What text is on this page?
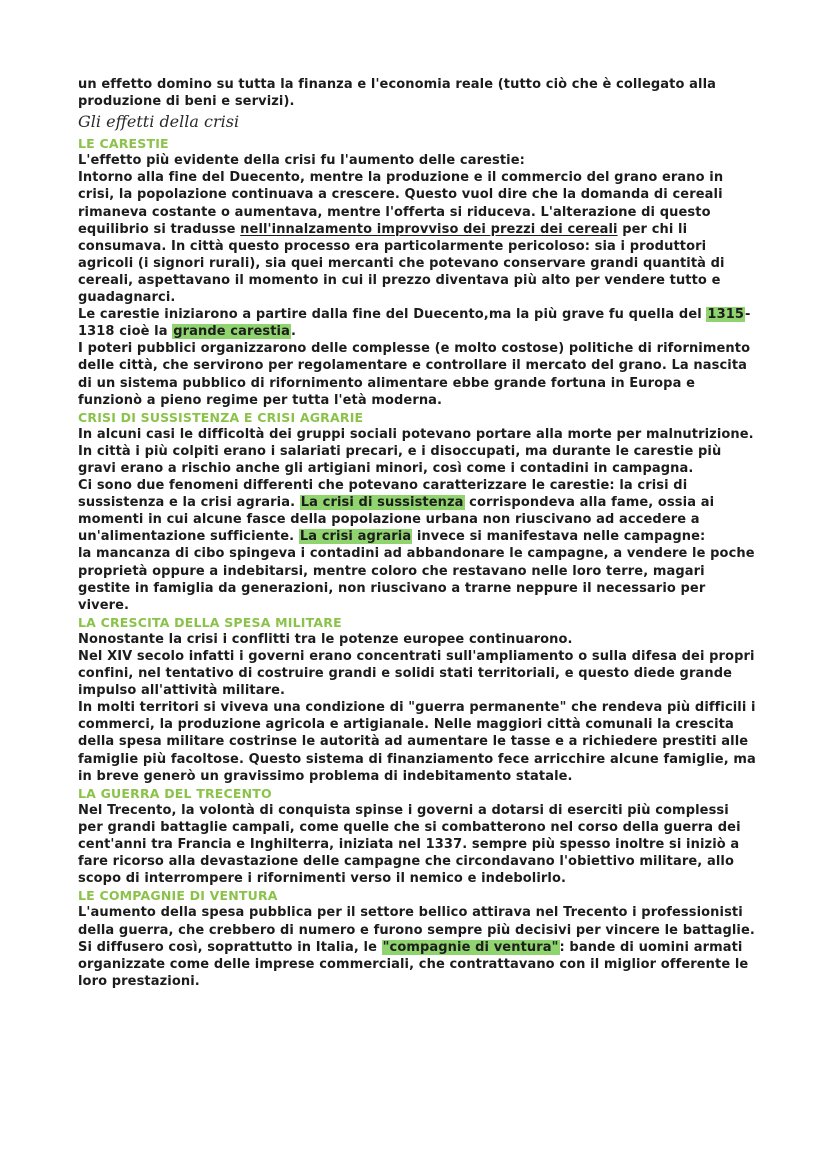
un effetto domino su tutta la finanza e l'economia reale (tutto ciò che è collegato alla produzione di beni e servizi).

Gli effetti della crisi
LE CARESTIE

L'effetto più evidente della crisi fu l'aumento delle carestie:

Intorno alla fine del Duecento, mentre la produzione e il commercio del grano erano in crisi, la popolazione continuava a crescere. Questo vuol dire che la domanda di cereali rimaneva costante o aumentava, mentre l'offerta si riduceva. L'alterazione di questo equilibrio si tradusse nell'innalzamento improvviso dei prezzi dei cereali per chi li consumava. In città questo processo era particolarmente pericoloso: sia i produttori agricoli (i signori rurali), sia quei mercanti che potevano conservare grandi quantità di cereali, aspettavano il momento in cui il prezzo diventava più alto per vendere tutto e guadagnarci.

Le carestie iniziarono a partire dalla fine del Duecento,ma la più grave fu quella del 1315-1318 cioè la grande carestia.

I poteri pubblici organizzarono delle complesse (e molto costose) politiche di rifornimento delle città, che servirono per regolamentare e controllare il mercato del grano. La nascita di un sistema pubblico di rifornimento alimentare ebbe grande fortuna in Europa e funzionò a pieno regime per tutta l'età moderna.

CRISI DI SUSSISTENZA E CRISI AGRARIE

In alcuni casi le difficoltà dei gruppi sociali potevano portare alla morte per malnutrizione.

In città i più colpiti erano i salariati precari, e i disoccupati, ma durante le carestie più gravi erano a rischio anche gli artigiani minori, così come i contadini in campagna.

Ci sono due fenomeni differenti che potevano caratterizzare le carestie: la crisi di sussistenza e la crisi agraria. La crisi di sussistenza corrispondeva alla fame, ossia ai momenti in cui alcune fasce della popolazione urbana non riuscivano ad accedere a un'alimentazione sufficiente. La crisi agraria invece si manifestava nelle campagne:

la mancanza di cibo spingeva i contadini ad abbandonare le campagne, a vendere le poche proprietà oppure a indebitarsi, mentre coloro che restavano nelle loro terre, magari gestite in famiglia da generazioni, non riuscivano a trarne neppure il necessario per vivere.

LA CRESCITA DELLA SPESA MILITARE

Nonostante la crisi i conflitti tra le potenze europee continuarono.

Nel XIV secolo infatti i governi erano concentrati sull'ampliamento o sulla difesa dei propri confini, nel tentativo di costruire grandi e solidi stati territoriali, e questo diede grande impulso all'attività militare.

In molti territori si viveva una condizione di "guerra permanente" che rendeva più difficili i commerci, la produzione agricola e artigianale. Nelle maggiori città comunali la crescita della spesa militare costrinse le autorità ad aumentare le tasse e a richiedere prestiti alle famiglie più facoltose. Questo sistema di finanziamento fece arricchire alcune famiglie, ma in breve generò un gravissimo problema di indebitamento statale.

LA GUERRA DEL TRECENTO

Nel Trecento, la volontà di conquista spinse i governi a dotarsi di eserciti più complessi per grandi battaglie campali, come quelle che si combatterono nel corso della guerra dei cent'anni tra Francia e Inghilterra, iniziata nel 1337. sempre più spesso inoltre si iniziò a fare ricorso alla devastazione delle campagne che circondavano l'obiettivo militare, allo scopo di interrompere i rifornimenti verso il nemico e indebolirlo.

LE COMPAGNIE DI VENTURA

L'aumento della spesa pubblica per il settore bellico attirava nel Trecento i professionisti della guerra, che crebbero di numero e furono sempre più decisivi per vincere le battaglie. Si diffusero così, soprattutto in Italia, le "compagnie di ventura": bande di uomini armati organizzate come delle imprese commerciali, che contrattavano con il miglior offerente le loro prestazioni.
